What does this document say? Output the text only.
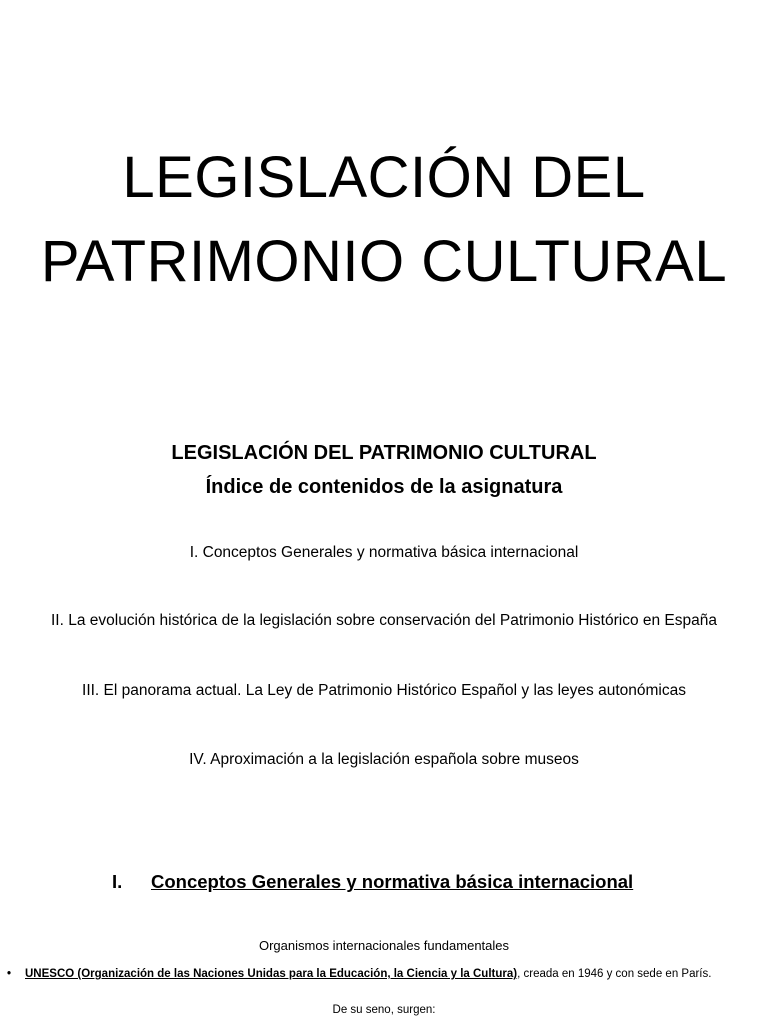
LEGISLACIÓN DEL
PATRIMONIO CULTURAL
LEGISLACIÓN DEL PATRIMONIO CULTURAL
Índice de contenidos de la asignatura
I. Conceptos Generales y normativa básica internacional
II. La evolución histórica de la legislación sobre conservación del Patrimonio Histórico en España
III. El panorama actual. La Ley de Patrimonio Histórico Español y las leyes autonómicas
IV. Aproximación a la legislación española sobre museos
I. Conceptos Generales y normativa básica internacional
Organismos internacionales fundamentales
• UNESCO (Organización de las Naciones Unidas para la Educación, la Ciencia y la Cultura), creada en 1946 y con sede en París.
De su seno, surgen:
